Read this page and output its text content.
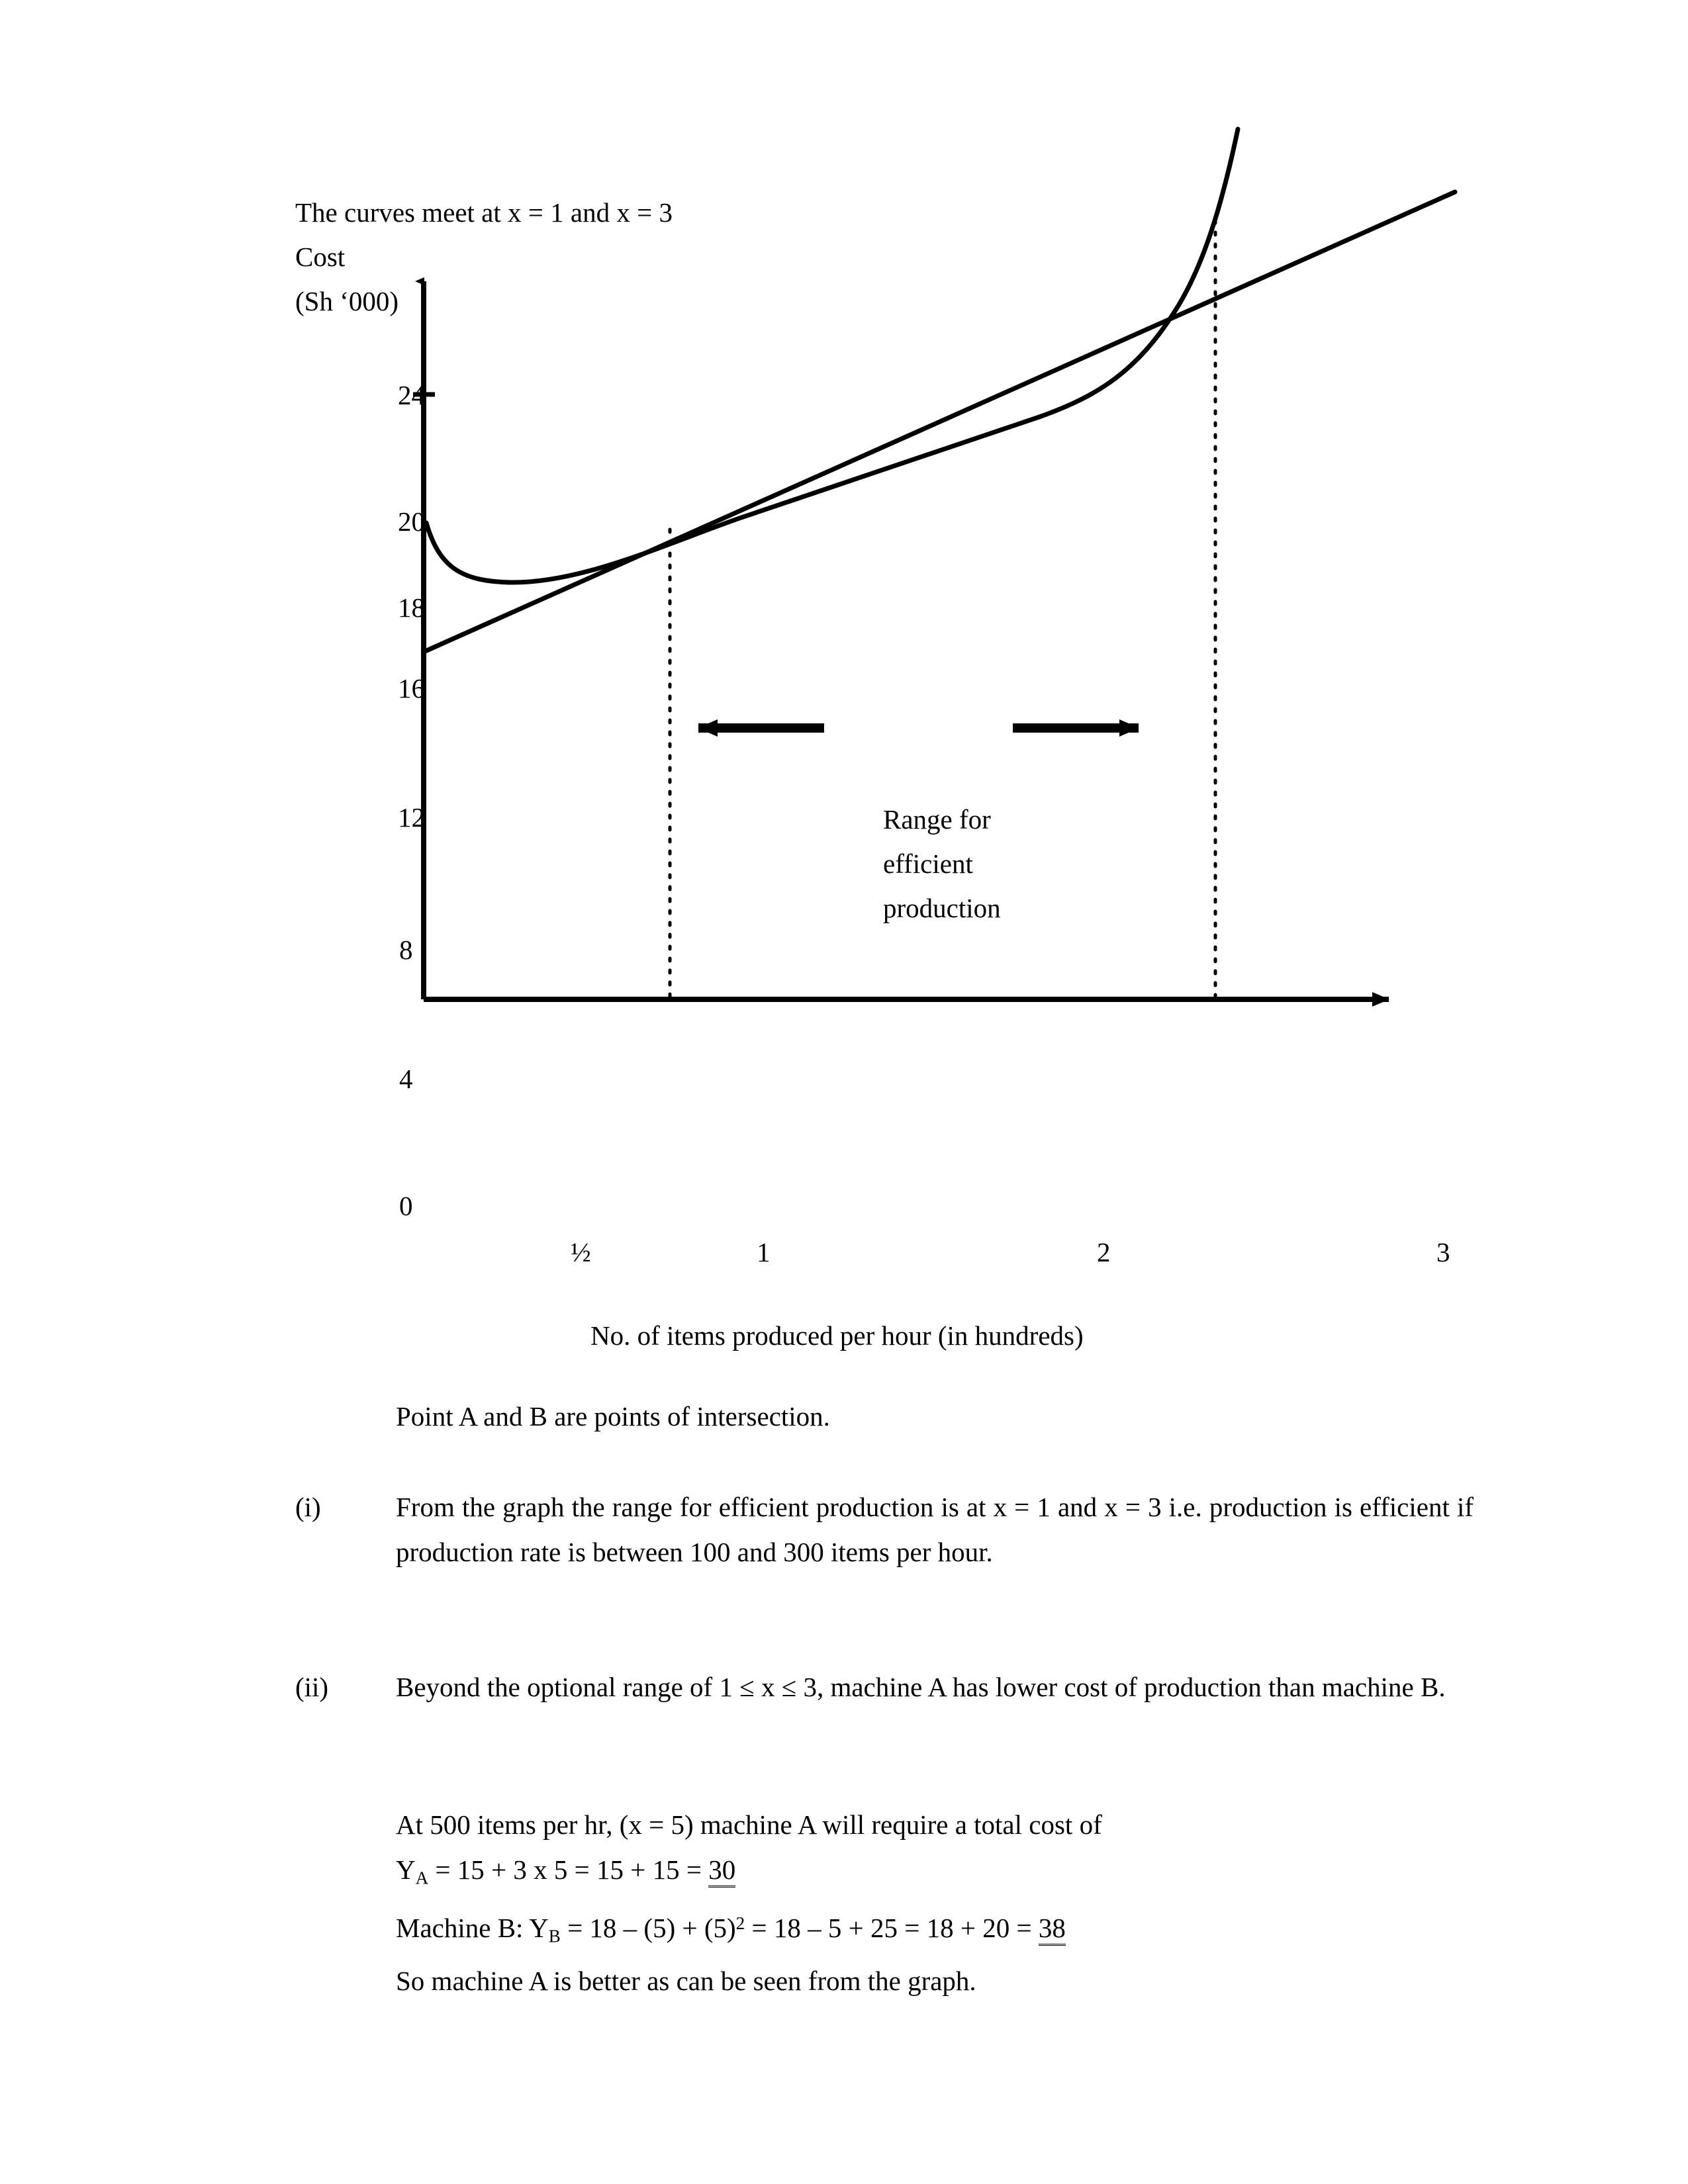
The curves meet at x = 1 and x = 3
Cost
(Sh ‘000)
24
20
18
16
12
8
4
0
½	1	2	3
Range for
efficient
production
No. of items produced per hour (in hundreds)
Point A and B are points of intersection.
(i)	From the graph the range for efficient production is at x = 1 and x = 3 i.e. production is efficient if production rate is between 100 and 300 items per hour.
(ii) Beyond the optional range of 1 ≤ x ≤ 3, machine A has lower cost of production than machine B.
At 500 items per hr, (x = 5) machine A will require a total cost of
$Y_A = 15 + 3$ x 5 = 15 + 15 = 30
Machine B: $Y_B = 18 - (5) + (5)^2 = 18 - 5 + 25 = 18 + 20 = 38$
So machine A is better as can be seen from the graph.
